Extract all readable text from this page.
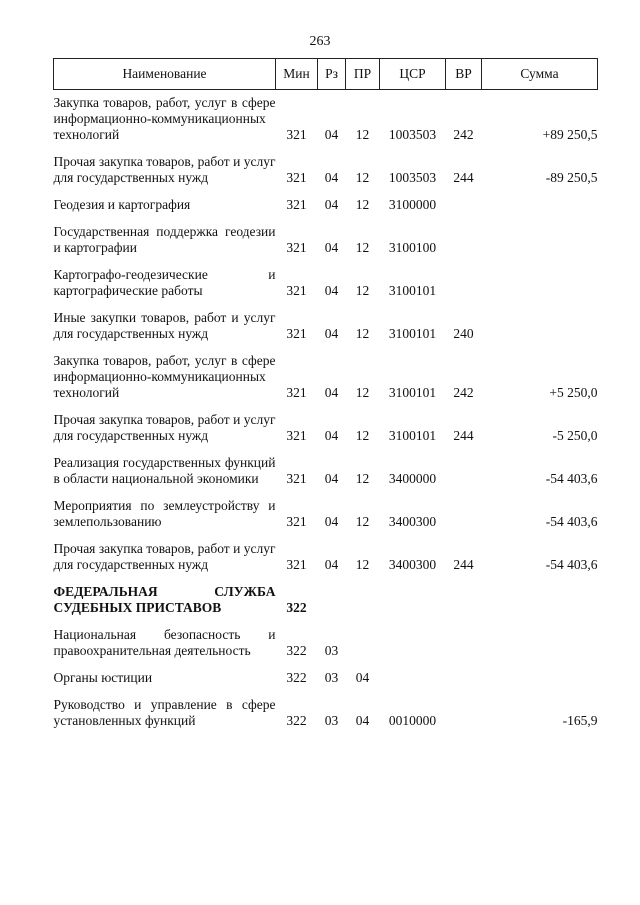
263
Наименование	Мин	Рз	ПР	ЦСР	ВР	Сумма
Закупка товаров, работ, услуг в сфере информационно-коммуникационных технологий	321	04	12	1003503	242	+89 250,5
Прочая закупка товаров, работ и услуг для государственных нужд	321	04	12	1003503	244	-89 250,5
Геодезия и картография	321	04	12	3100000		
Государственная поддержка геодезии и картографии	321	04	12	3100100		
Картографо-геодезические и картографические работы	321	04	12	3100101		
Иные закупки товаров, работ и услуг для государственных нужд	321	04	12	3100101	240	
Закупка товаров, работ, услуг в сфере информационно-коммуникационных технологий	321	04	12	3100101	242	+5 250,0
Прочая закупка товаров, работ и услуг для государственных нужд	321	04	12	3100101	244	-5 250,0
Реализация государственных функций в области национальной экономики	321	04	12	3400000		-54 403,6
Мероприятия по землеустройству и землепользованию	321	04	12	3400300		-54 403,6
Прочая закупка товаров, работ и услуг для государственных нужд	321	04	12	3400300	244	-54 403,6
ФЕДЕРАЛЬНАЯ СЛУЖБА СУДЕБНЫХ ПРИСТАВОВ	322					
Национальная безопасность и правоохранительная деятельность	322	03				
Органы юстиции	322	03	04			
Руководство и управление в сфере установленных функций	322	03	04	0010000		-165,9
